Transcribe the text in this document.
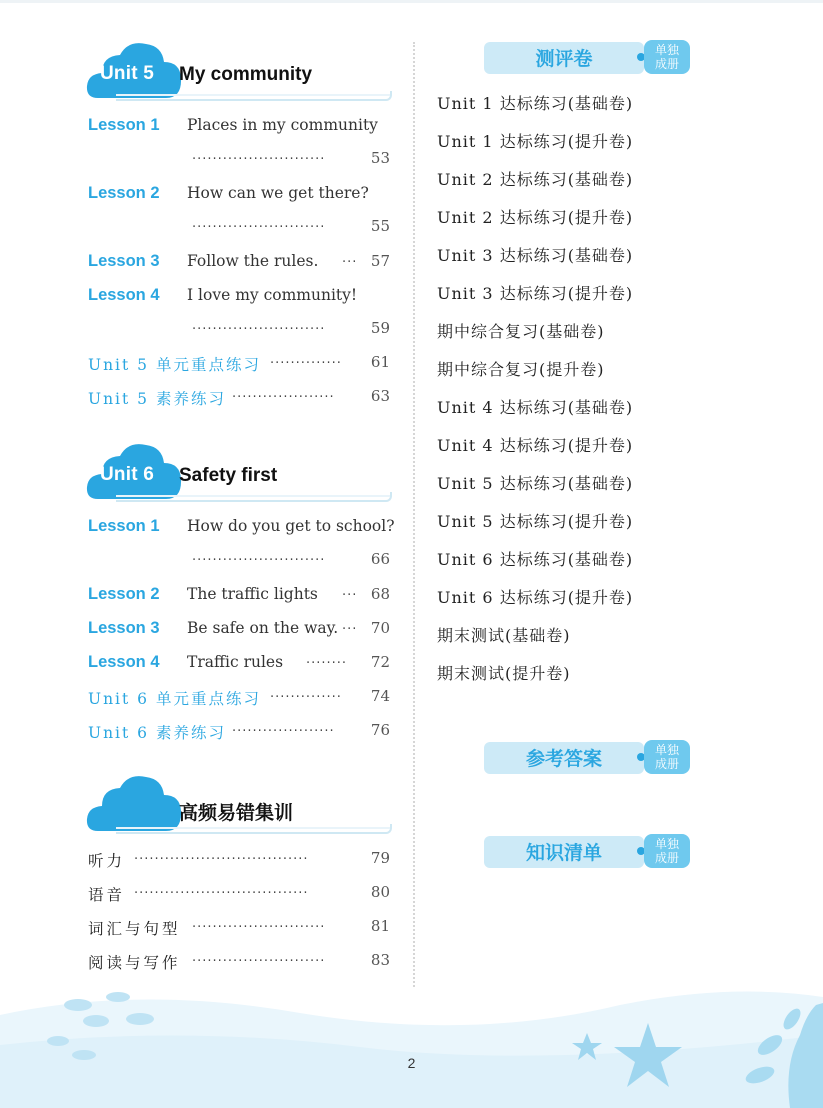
Unit 5 My community
Lesson 1 Places in my community
··························	53
Lesson 2 How can we get there?
··························	55
Lesson 3 Follow the rules. ··· 57
Lesson 4 I love my community!
··························	59
Unit 5 单元重点练习 ··············	61
Unit 5 素养练习 ····················	63
Unit 6 Safety first
Lesson 1 How do you get to school?
··························	66
Lesson 2 The traffic lights ··· 68
Lesson 3 Be safe on the way. ··· 70
Lesson 4 Traffic rules ········	72
Unit 6 单元重点练习 ··············	74
Unit 6 素养练习 ····················	76
高频易错集训
听力 ··································	79
语音 ··································	80
词汇与句型 ··························	81
阅读与写作 ··························	83
测评卷	单独
成册
Unit 1 达标练习(基础卷)
Unit 1 达标练习(提升卷)
Unit 2 达标练习(基础卷)
Unit 2 达标练习(提升卷)
Unit 3 达标练习(基础卷)
Unit 3 达标练习(提升卷)
期中综合复习(基础卷)
期中综合复习(提升卷)
Unit 4 达标练习(基础卷)
Unit 4 达标练习(提升卷)
Unit 5 达标练习(基础卷)
Unit 5 达标练习(提升卷)
Unit 6 达标练习(基础卷)
Unit 6 达标练习(提升卷)
期末测试(基础卷)
期末测试(提升卷)
参考答案	单独
成册
知识清单	单独
成册
2
